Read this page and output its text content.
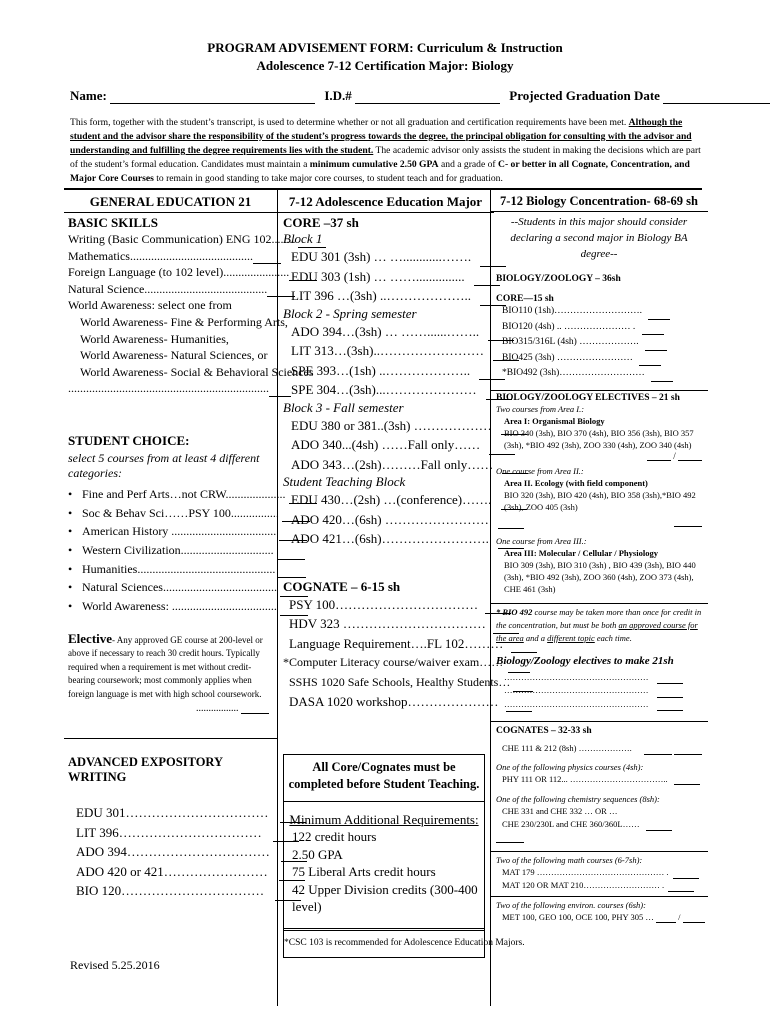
PROGRAM ADVISEMENT FORM: Curriculum & Instruction
Adolescence 7-12 Certification Major: Biology
Name:	I.D.#	Projected Graduation Date
This form, together with the student’s transcript, is used to determine whether or not all graduation and certification requirements have been met. Although the student and the advisor share the responsibility of the student’s progress towards the degree, the principal obligation for consulting with the advisor and understanding and fulfilling the degree requirements lies with the student. The academic advisor only assists the student in making the decisions which are part of the student’s formal education. Candidates must maintain a minimum cumulative 2.50 GPA and a grade of C- or better in all Cognate, Concentration, and Major Core Courses to remain in good standing to take major core courses, to student teach and for graduation.
GENERAL EDUCATION 21
BASIC SKILLS
Writing (Basic Communication) ENG 102........
Mathematics.........................................
Foreign Language (to 102 level)......................
Natural Science.........................................
World Awareness: select one from
World Awareness- Fine & Performing Arts,
World Awareness- Humanities,
World Awareness- Natural Sciences, or
World Awareness- Social & Behavioral Sciences
...................................................................
STUDENT CHOICE:
select 5 courses from at least 4 different categories:
• Fine and Perf Arts…not CRW....................
• Soc & Behav Sci……PSY 100................
• American History ...................................
• Western Civilization...............................
• Humanities..............................................
• Natural Sciences......................................
• World Awareness: ...................................
Elective- Any approved GE course at 200-level or above if necessary to reach 30 credit hours. Typically required when a requirement is met without credit-bearing coursework; most commonly applies when foreign language is met with high school coursework.
.................
ADVANCED EXPOSITORY WRITING
EDU 301……………………………
LIT 396……………………………
ADO 394……………………………
ADO 420 or 421……………………
BIO 120……………………………
Revised 5.25.2016
7-12 Adolescence Education Major
CORE –37 sh
Block 1
EDU 301 (3sh) … …............…….
EDU 303 (1sh) … ……...............
LIT 396 …(3sh) ..………………..
Block 2 - Spring semester
ADO 394…(3sh) … ……......……..
LIT 313…(3sh)..……………………
SPE 393…(1sh) ..………………..
SPE 304…(3sh)...…………………
Block 3 - Fall semester
EDU 380 or 381..(3sh) ………………
ADO 340...(4sh) ……Fall only……
ADO 343…(2sh)………Fall only……
Student Teaching Block
EDU 430…(2sh) …(conference)…….
ADO 420…(6sh) ……………………
ADO 421…(6sh)…………………….
COGNATE – 6-15 sh
PSY 100……………………………
HDV 323 ……………………………
Language Requirement….FL 102………
*Computer Literacy course/waiver exam……
SSHS 1020 Safe Schools, Healthy Students…
DASA 1020 workshop…………………
All Core/Cognates must be completed before Student Teaching.
Minimum Additional Requirements:
122 credit hours
2.50 GPA
75 Liberal Arts credit hours
42 Upper Division credits (300-400 level)
*CSC 103 is recommended for Adolescence Education Majors.
7-12 Biology Concentration- 68-69 sh
--Students in this major should consider declaring a second major in Biology BA degree--
BIOLOGY/ZOOLOGY – 36sh
CORE—15 sh
BIO110 (1sh)……………………….
BIO120 (4sh) .. ………………… .
BIO315/316L (4sh) ……………….
BIO425 (3sh) ……………………
*BIO492 (3sh)………………………
BIOLOGY/ZOOLOGY ELECTIVES – 21 sh
Two courses from Area I.:
Area I: Organismal Biology
BIO 340 (3sh), BIO 370 (4sh), BIO 356 (3sh), BIO 357 (3sh), *BIO 492 (3sh), ZOO 330 (4sh), ZOO 340 (4sh)
/
One course from Area II.:
Area II. Ecology (with field component)
BIO 320 (3sh), BIO 420 (4sh), BIO 358 (3sh),*BIO 492 (3sh), ZOO 405 (3sh)
One course from Area III.:
Area III: Molecular / Cellular / Physiology
BIO 309 (3sh), BIO 310 (3sh) , BIO 439 (3sh), BIO 440 (3sh), *BIO 492 (3sh), ZOO 360 (4sh), ZOO 373 (4sh), CHE 461 (3sh)
* BIO 492 course may be taken more than once for credit in the concentration, but must be both an approved course for the area and a different topic each time.
Biology/Zoology electives to make 21sh
……………………………………………
……………………………………………
……………………………………………
COGNATES – 32-33 sh
CHE 111 & 212 (8sh) ……………….
One of the following physics courses (4sh):
PHY 111 OR 112... ……………………………..
One of the following chemistry sequences (8sh):
CHE 331 and CHE 332 … OR …
CHE 230/230L and CHE 360/360L……
Two of the following math courses (6-7sh):
MAT 179 ……………………………………… .
MAT 120 OR MAT 210……………………… .
Two of the following environ. courses (6sh):
MET 100, GEO 100, OCE 100, PHY 305 …	/
